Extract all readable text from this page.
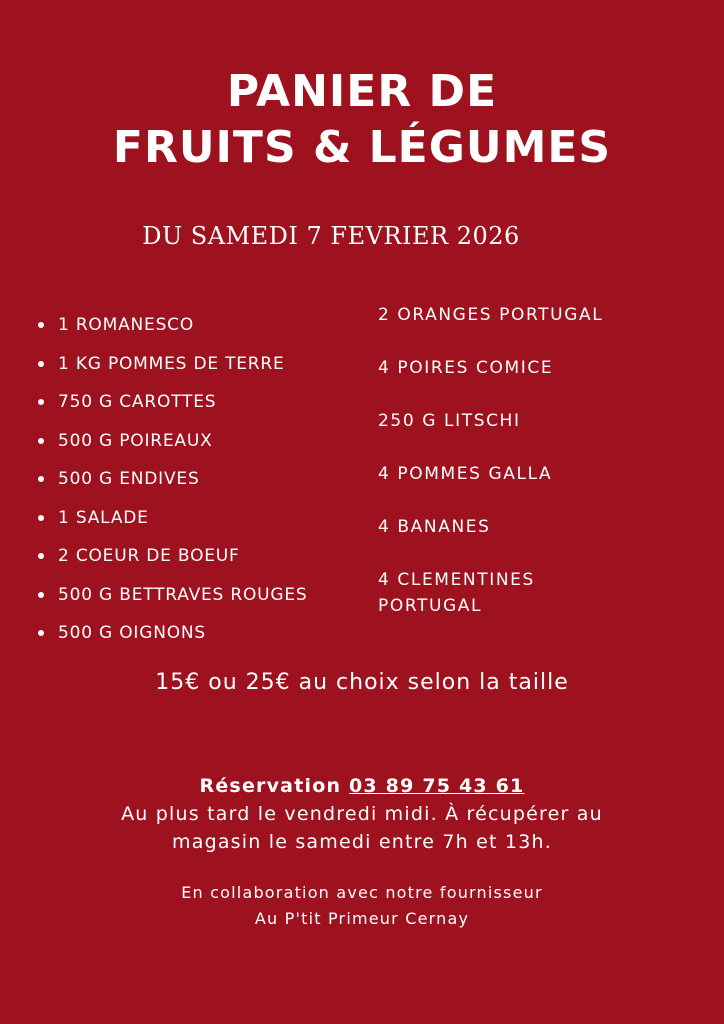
PANIER DE
FRUITS & LÉGUMES

DU SAMEDI 7 FEVRIER 2026

1 ROMANESCO
1 KG POMMES DE TERRE
750 G CAROTTES
500 G POIREAUX
500 G ENDIVES
1 SALADE
2 COEUR DE BOEUF
500 G BETTRAVES ROUGES
500 G OIGNONS
2 ORANGES PORTUGAL
4 POIRES COMICE
250 G LITSCHI
4 POMMES GALLA
4 BANANES
4 CLEMENTINES PORTUGAL

15€ ou 25€ au choix selon la taille

Réservation 03 89 75 43 61
Au plus tard le vendredi midi. À récupérer au
magasin le samedi entre 7h et 13h.
En collaboration avec notre fournisseur
Au P'tit Primeur Cernay
